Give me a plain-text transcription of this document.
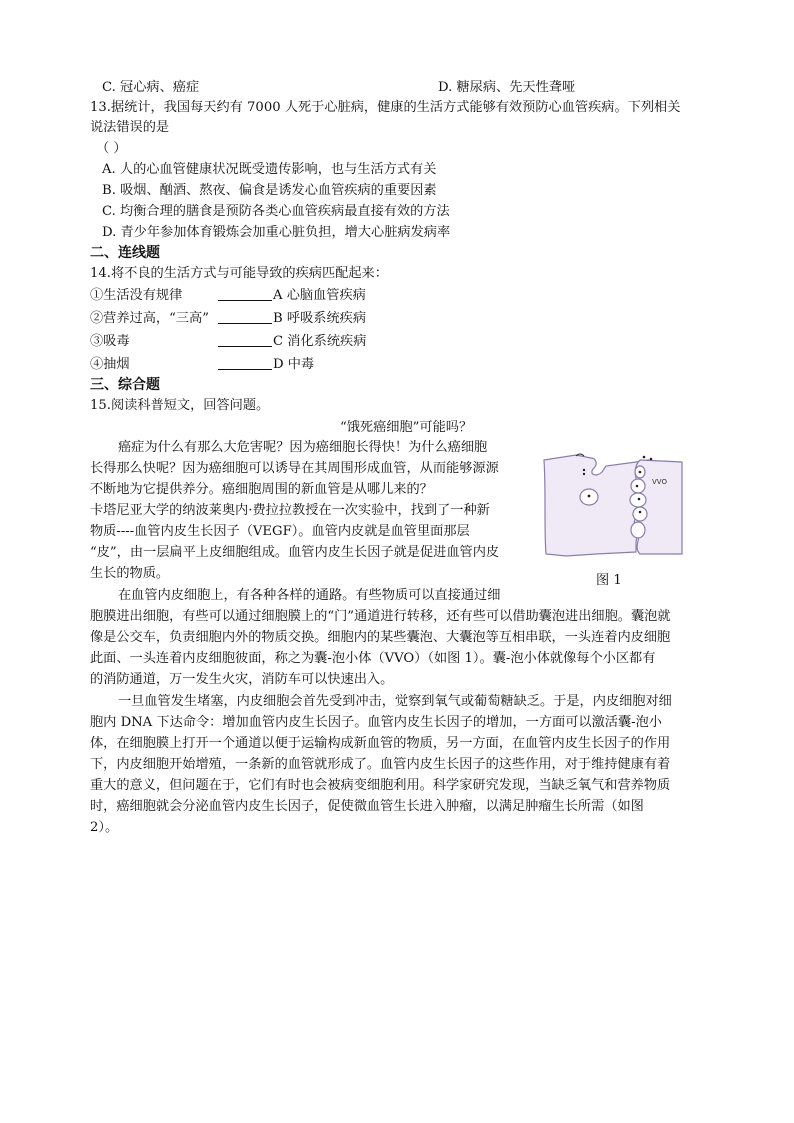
C. 冠心病、癌症	D. 糖尿病、先天性聋哑
13.据统计，我国每天约有 7000 人死于心脏病，健康的生活方式能够有效预防心血管疾病。下列相关
说法错误的是
（ ）
A. 人的心血管健康状况既受遗传影响，也与生活方式有关
B. 吸烟、酗酒、熬夜、偏食是诱发心血管疾病的重要因素
C. 均衡合理的膳食是预防各类心血管疾病最直接有效的方法
D. 青少年参加体育锻炼会加重心脏负担，增大心脏病发病率
二、连线题
14.将不良的生活方式与可能导致的疾病匹配起来：
①生活没有规律	A 心脑血管疾病
②营养过高，“三高”	B 呼吸系统疾病
③吸毒	C 消化系统疾病
④抽烟	D 中毒
三、综合题
15.阅读科普短文，回答问题。
“饿死癌细胞”可能吗？
癌症为什么有那么大危害呢？因为癌细胞长得快！为什么癌细胞
长得那么快呢？因为癌细胞可以诱导在其周围形成血管，从而能够源源
不断地为它提供养分。癌细胞周围的新血管是从哪儿来的？
卡塔尼亚大学的纳波莱奥内·费拉拉教授在一次实验中，找到了一种新
物质----血管内皮生长因子（VEGF）。血管内皮就是血管里面那层
“皮”，由一层扁平上皮细胞组成。血管内皮生长因子就是促进血管内皮
生长的物质。
在血管内皮细胞上，有各种各样的通路。有些物质可以直接通过细
胞膜进出细胞，有些可以通过细胞膜上的“门”通道进行转移，还有些可以借助囊泡进出细胞。囊泡就
像是公交车，负责细胞内外的物质交换。细胞内的某些囊泡、大囊泡等互相串联，一头连着内皮细胞
此面、一头连着内皮细胞彼面，称之为囊-泡小体（VVO）（如图 1）。囊-泡小体就像每个小区都有
的消防通道，万一发生火灾，消防车可以快速出入。
一旦血管发生堵塞，内皮细胞会首先受到冲击，觉察到氧气或葡萄糖缺乏。于是，内皮细胞对细
胞内 DNA 下达命令：增加血管内皮生长因子。血管内皮生长因子的增加，一方面可以激活囊-泡小
体，在细胞膜上打开一个通道以便于运输构成新血管的物质，另一方面，在血管内皮生长因子的作用
下，内皮细胞开始增殖，一条新的血管就形成了。血管内皮生长因子的这些作用，对于维持健康有着
重大的意义，但问题在于，它们有时也会被病变细胞利用。科学家研究发现，当缺乏氧气和营养物质
时，癌细胞就会分泌血管内皮生长因子，促使微血管生长进入肿瘤，以满足肿瘤生长所需（如图
2）。
VVO
图 1
